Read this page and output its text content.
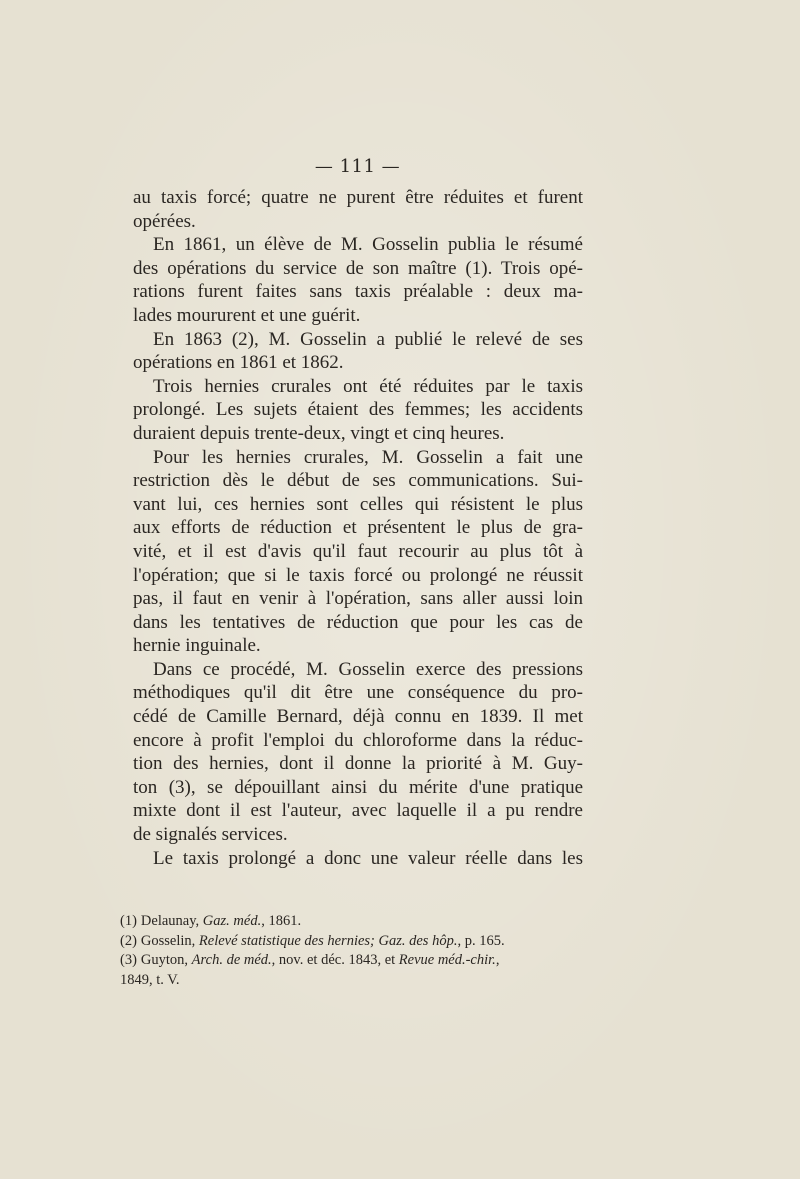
— 111 —

au taxis forcé; quatre ne purent être réduites et furent
opérées.

En 1861, un élève de M. Gosselin publia le résumé
des opérations du service de son maître (1). Trois opé-
rations furent faites sans taxis préalable : deux ma-
lades moururent et une guérit.

En 1863 (2), M. Gosselin a publié le relevé de ses
opérations en 1861 et 1862.

Trois hernies crurales ont été réduites par le taxis
prolongé. Les sujets étaient des femmes; les accidents
duraient depuis trente-deux, vingt et cinq heures.

Pour les hernies crurales, M. Gosselin a fait une
restriction dès le début de ses communications. Sui-
vant lui, ces hernies sont celles qui résistent le plus
aux efforts de réduction et présentent le plus de gra-
vité, et il est d'avis qu'il faut recourir au plus tôt à
l'opération; que si le taxis forcé ou prolongé ne réussit
pas, il faut en venir à l'opération, sans aller aussi loin
dans les tentatives de réduction que pour les cas de
hernie inguinale.

Dans ce procédé, M. Gosselin exerce des pressions
méthodiques qu'il dit être une conséquence du pro-
cédé de Camille Bernard, déjà connu en 1839. Il met
encore à profit l'emploi du chloroforme dans la réduc-
tion des hernies, dont il donne la priorité à M. Guy-
ton (3), se dépouillant ainsi du mérite d'une pratique
mixte dont il est l'auteur, avec laquelle il a pu rendre
de signalés services.

Le taxis prolongé a donc une valeur réelle dans les

(1) Delaunay, Gaz. méd., 1861.

(2) Gosselin, Relevé statistique des hernies; Gaz. des hôp., p. 165.

(3) Guyton, Arch. de méd., nov. et déc. 1843, et Revue méd.-chir.,

1849, t. V.
